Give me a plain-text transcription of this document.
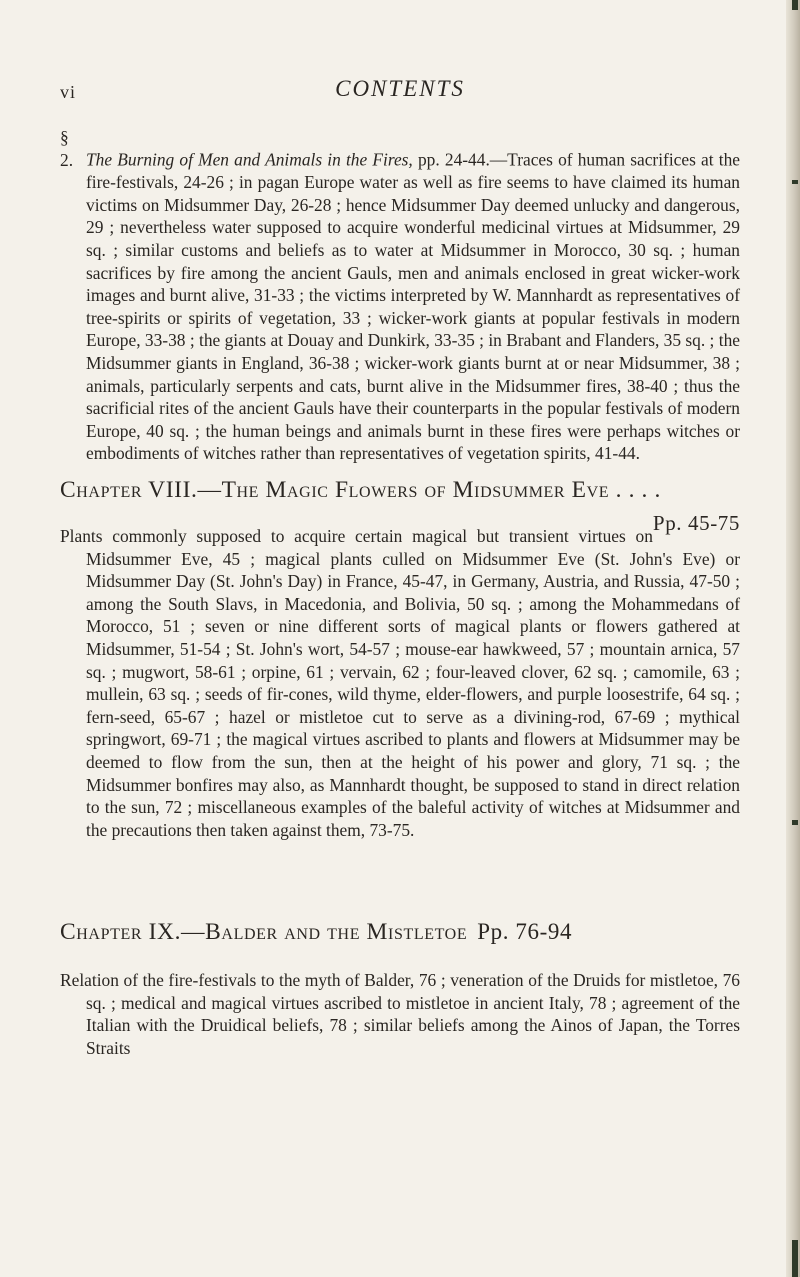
vi	CONTENTS
§ 2. The Burning of Men and Animals in the Fires, pp. 24-44.—Traces of human sacrifices at the fire-festivals, 24-26 ; in pagan Europe water as well as fire seems to have claimed its human victims on Midsummer Day, 26-28 ; hence Midsummer Day deemed unlucky and dangerous, 29 ; nevertheless water supposed to acquire wonderful medicinal virtues at Midsummer, 29 sq. ; similar customs and beliefs as to water at Midsummer in Morocco, 30 sq. ; human sacrifices by fire among the ancient Gauls, men and animals enclosed in great wicker-work images and burnt alive, 31-33 ; the victims interpreted by W. Mannhardt as representatives of tree-spirits or spirits of vegetation, 33 ; wicker-work giants at popular festivals in modern Europe, 33-38 ; the giants at Douay and Dunkirk, 33-35 ; in Brabant and Flanders, 35 sq. ; the Midsummer giants in England, 36-38 ; wicker-work giants burnt at or near Midsummer, 38 ; animals, particularly serpents and cats, burnt alive in the Midsummer fires, 38-40 ; thus the sacrificial rites of the ancient Gauls have their counterparts in the popular festivals of modern Europe, 40 sq. ; the human beings and animals burnt in these fires were perhaps witches or embodiments of witches rather than representatives of vegetation spirits, 41-44.
Chapter VIII.—The Magic Flowers of Midsummer Eve . . . .
Pp. 45-75
Plants commonly supposed to acquire certain magical but transient virtues on Midsummer Eve, 45 ; magical plants culled on Midsummer Eve (St. John's Eve) or Midsummer Day (St. John's Day) in France, 45-47, in Germany, Austria, and Russia, 47-50 ; among the South Slavs, in Macedonia, and Bolivia, 50 sq. ; among the Mohammedans of Morocco, 51 ; seven or nine different sorts of magical plants or flowers gathered at Midsummer, 51-54 ; St. John's wort, 54-57 ; mouse-ear hawkweed, 57 ; mountain arnica, 57 sq. ; mugwort, 58-61 ; orpine, 61 ; vervain, 62 ; four-leaved clover, 62 sq. ; camomile, 63 ; mullein, 63 sq. ; seeds of fir-cones, wild thyme, elder-flowers, and purple loosestrife, 64 sq. ; fern-seed, 65-67 ; hazel or mistletoe cut to serve as a divining-rod, 67-69 ; mythical springwort, 69-71 ; the magical virtues ascribed to plants and flowers at Midsummer may be deemed to flow from the sun, then at the height of his power and glory, 71 sq. ; the Midsummer bonfires may also, as Mannhardt thought, be supposed to stand in direct relation to the sun, 72 ; miscellaneous examples of the baleful activity of witches at Midsummer and the precautions then taken against them, 73-75.
Chapter IX.—Balder and the Mistletoe Pp. 76-94
Relation of the fire-festivals to the myth of Balder, 76 ; veneration of the Druids for mistletoe, 76 sq. ; medical and magical virtues ascribed to mistletoe in ancient Italy, 78 ; agreement of the Italian with the Druidical beliefs, 78 ; similar beliefs among the Ainos of Japan, the Torres Straits
